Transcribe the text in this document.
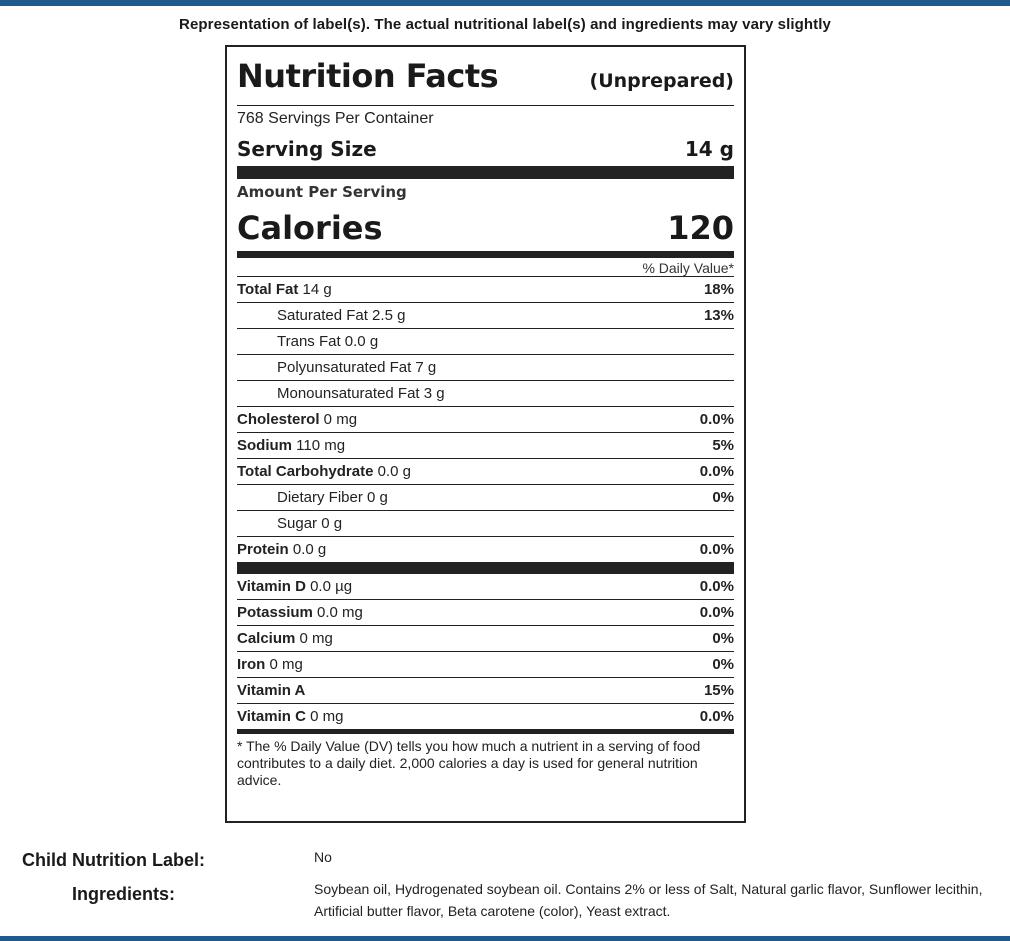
Representation of label(s). The actual nutritional label(s) and ingredients may vary slightly
Nutrition Facts	(Unprepared)
768 Servings Per Container
Serving Size	14 g
Amount Per Serving
Calories	120
% Daily Value*
Total Fat 14 g	18%
Saturated Fat 2.5 g	13%
Trans Fat 0.0 g
Polyunsaturated Fat 7 g
Monounsaturated Fat 3 g
Cholesterol 0 mg	0.0%
Sodium 110 mg	5%
Total Carbohydrate 0.0 g	0.0%
Dietary Fiber 0 g	0%
Sugar 0 g
Protein 0.0 g	0.0%
Vitamin D 0.0 µg	0.0%
Potassium 0.0 mg	0.0%
Calcium 0 mg	0%
Iron 0 mg	0%
Vitamin A	15%
Vitamin C 0 mg	0.0%
* The % Daily Value (DV) tells you how much a nutrient in a serving of food contributes to a daily diet. 2,000 calories a day is used for general nutrition advice.
Child Nutrition Label:	No
Ingredients:	Soybean oil, Hydrogenated soybean oil. Contains 2% or less of Salt, Natural garlic flavor, Sunflower lecithin, Artificial butter flavor, Beta carotene (color), Yeast extract.
